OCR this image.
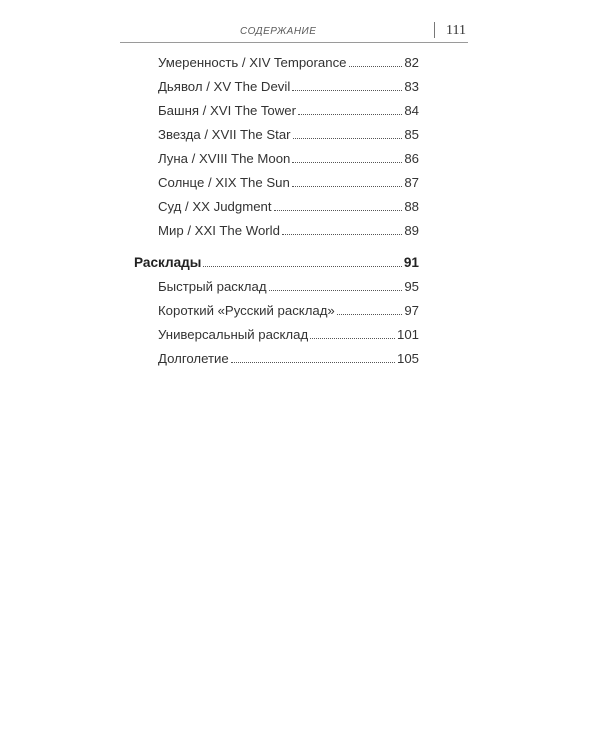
СОДЕРЖАНИЕ	111
Умеренность / XIV Temporance	82
Дьявол / XV The Devil	83
Башня / XVI The Tower	84
Звезда / XVII The Star	85
Луна / XVIII The Moon	86
Солнце / XIX The Sun	87
Суд / XX Judgment	88
Мир / XXI The World	89
Расклады	91
Быстрый расклад	95
Короткий «Русский расклад»	97
Универсальный расклад	101
Долголетие	105
